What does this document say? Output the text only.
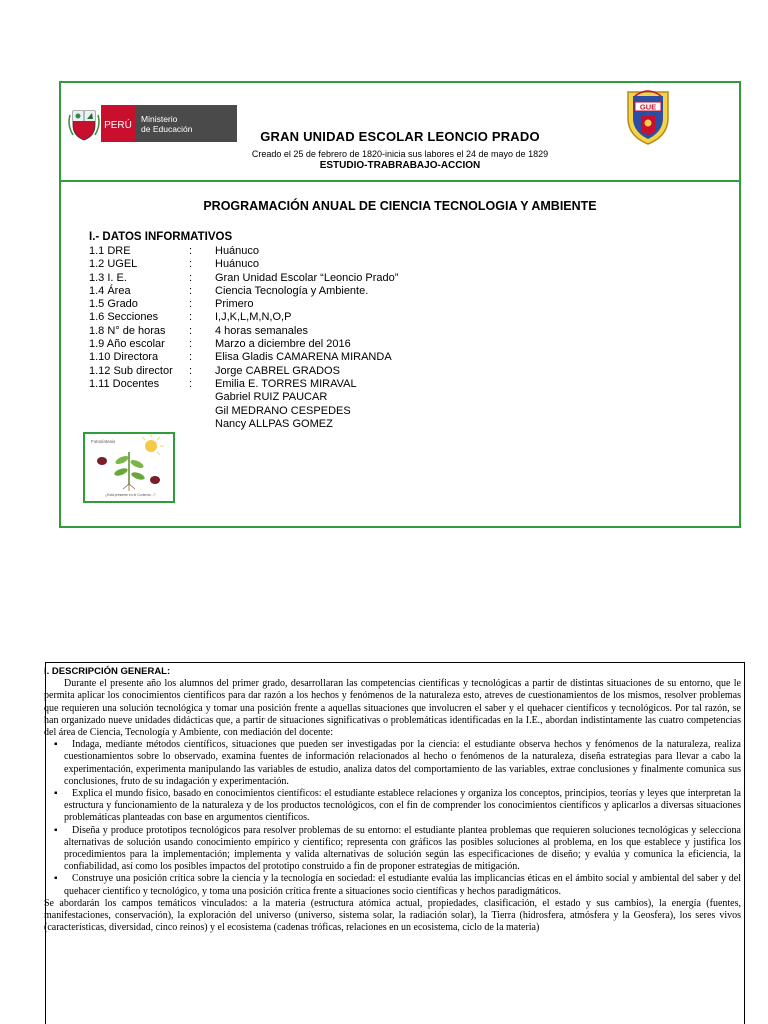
PERÚ
Ministerio
de Educación
GUE
GRAN UNIDAD ESCOLAR LEONCIO PRADO
Creado el 25 de febrero de 1820-inicia sus labores el 24 de mayo de 1829
ESTUDIO-TRABRABAJO-ACCION
PROGRAMACIÓN ANUAL DE CIENCIA TECNOLOGIA Y AMBIENTE
I.- DATOS INFORMATIVOS
1.1 DRE	:	Huánuco
1.2 UGEL	:	Huánuco
1.3 I. E.	:	Gran Unidad Escolar “Leoncio Prado”
1.4 Área	:	Ciencia Tecnología y Ambiente.
1.5 Grado	:	Primero
1.6 Secciones	:	I,J,K,L,M,N,O,P
1.8 N° de horas	:	4 horas semanales
1.9 Año escolar	:	Marzo a diciembre del 2016
1.10 Directora	:	Elisa Gladis CAMARENA MIRANDA
1.12 Sub director	:	Jorge CABREL GRADOS
1.11 Docentes	:	Emilia E. TORRES MIRAVAL
Gabriel RUIZ PAUCAR
Gil MEDRANO CESPEDES
Nancy ALLPAS GOMEZ
Fotosíntesis
¿Está presente en el Contexto...?

I. DESCRIPCIÓN GENERAL:

Durante el presente año los alumnos del primer grado, desarrollaran las competencias científicas y tecnológicas a partir de distintas situaciones de su entorno, que le permita aplicar los conocimientos científicos para dar razón a los hechos y fenómenos de la naturaleza esto, atreves de cuestionamientos de los mismos, resolver problemas que requieren una solución tecnológica y tomar una posición frente a aquellas situaciones que involucren el saber y el quehacer científicos y tecnológicos. Por tal razón, se han organizado nueve unidades didácticas que, a partir de situaciones significativas o problemáticas identificadas en la I.E., abordan indistintamente las cuatro competencias del área de Ciencia, Tecnología y Ambiente, con mediación del docente:

▪ Indaga, mediante métodos científicos, situaciones que pueden ser investigadas por la ciencia: el estudiante observa hechos y fenómenos de la naturaleza, realiza cuestionamientos sobre lo observado, examina fuentes de información relacionados al hecho o fenómenos de la naturaleza, diseña estrategias para llevar a cabo la experimentación, experimenta manipulando las variables de estudio, analiza datos del comportamiento de las variables, extrae conclusiones y finalmente comunica sus conclusiones, fruto de su indagación y experimentación.

▪ Explica el mundo físico, basado en conocimientos científicos: el estudiante establece relaciones y organiza los conceptos, principios, teorías y leyes que interpretan la estructura y funcionamiento de la naturaleza y de los productos tecnológicos, con el fin de comprender los conocimientos científicos y aplicarlos a diversas situaciones problemáticas planteadas con base en argumentos científicos.

▪ Diseña y produce prototipos tecnológicos para resolver problemas de su entorno: el estudiante plantea problemas que requieren soluciones tecnológicas y selecciona alternativas de solución usando conocimiento empírico y científico; representa con gráficos las posibles soluciones al problema, en los que establece y justifica los procedimientos para la implementación; implementa y valida alternativas de solución según las especificaciones de diseño; y evalúa y comunica la eficiencia, la confiabilidad, así como los posibles impactos del prototipo construido a fin de proponer estrategias de mitigación.

▪ Construye una posición crítica sobre la ciencia y la tecnología en sociedad: el estudiante evalúa las implicancias éticas en el ámbito social y ambiental del saber y del quehacer científico y tecnológico, y toma una posición crítica frente a situaciones socio científicas y hechos paradigmáticos.

Se abordarán los campos temáticos vinculados: a la materia (estructura atómica actual, propiedades, clasificación, el estado y sus cambios), la energía (fuentes, manifestaciones, conservación), la exploración del universo (universo, sistema solar, la radiación solar), la Tierra (hidrosfera, atmósfera y la Geosfera), los seres vivos (características, diversidad, cinco reinos) y el ecosistema (cadenas tróficas, relaciones en un ecosistema, ciclo de la materia)
